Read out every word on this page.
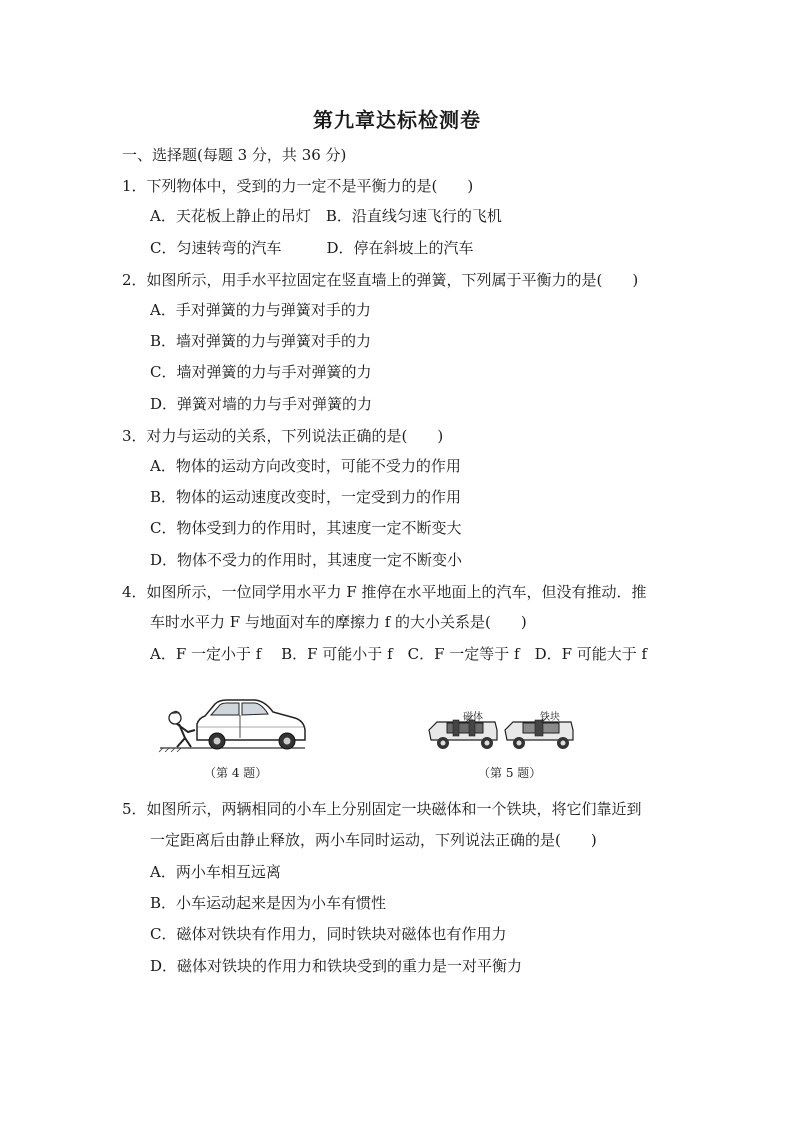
第九章达标检测卷
一、选择题(每题 3 分，共 36 分)
1．下列物体中，受到的力一定不是平衡力的是(　　)
A．天花板上静止的吊灯　B．沿直线匀速飞行的飞机
C．匀速转弯的汽车　　　D．停在斜坡上的汽车
2．如图所示，用手水平拉固定在竖直墙上的弹簧，下列属于平衡力的是(　　)
A．手对弹簧的力与弹簧对手的力
B．墙对弹簧的力与弹簧对手的力
C．墙对弹簧的力与手对弹簧的力
D．弹簧对墙的力与手对弹簧的力
3．对力与运动的关系，下列说法正确的是(　　)
A．物体的运动方向改变时，可能不受力的作用
B．物体的运动速度改变时，一定受到力的作用
C．物体受到力的作用时，其速度一定不断变大
D．物体不受力的作用时，其速度一定不断变小
4．如图所示，一位同学用水平力 F 推停在水平地面上的汽车，但没有推动．推
车时水平力 F 与地面对车的摩擦力 f 的大小关系是(　　)
A．F 一定小于 f　 B．F 可能小于 f　C．F 一定等于 f　D．F 可能大于 f
磁体	铁块
（第 4 题）	（第 5 题）
5．如图所示，两辆相同的小车上分别固定一块磁体和一个铁块，将它们靠近到
一定距离后由静止释放，两小车同时运动，下列说法正确的是(　　)
A．两小车相互远离
B．小车运动起来是因为小车有惯性
C．磁体对铁块有作用力，同时铁块对磁体也有作用力
D．磁体对铁块的作用力和铁块受到的重力是一对平衡力
